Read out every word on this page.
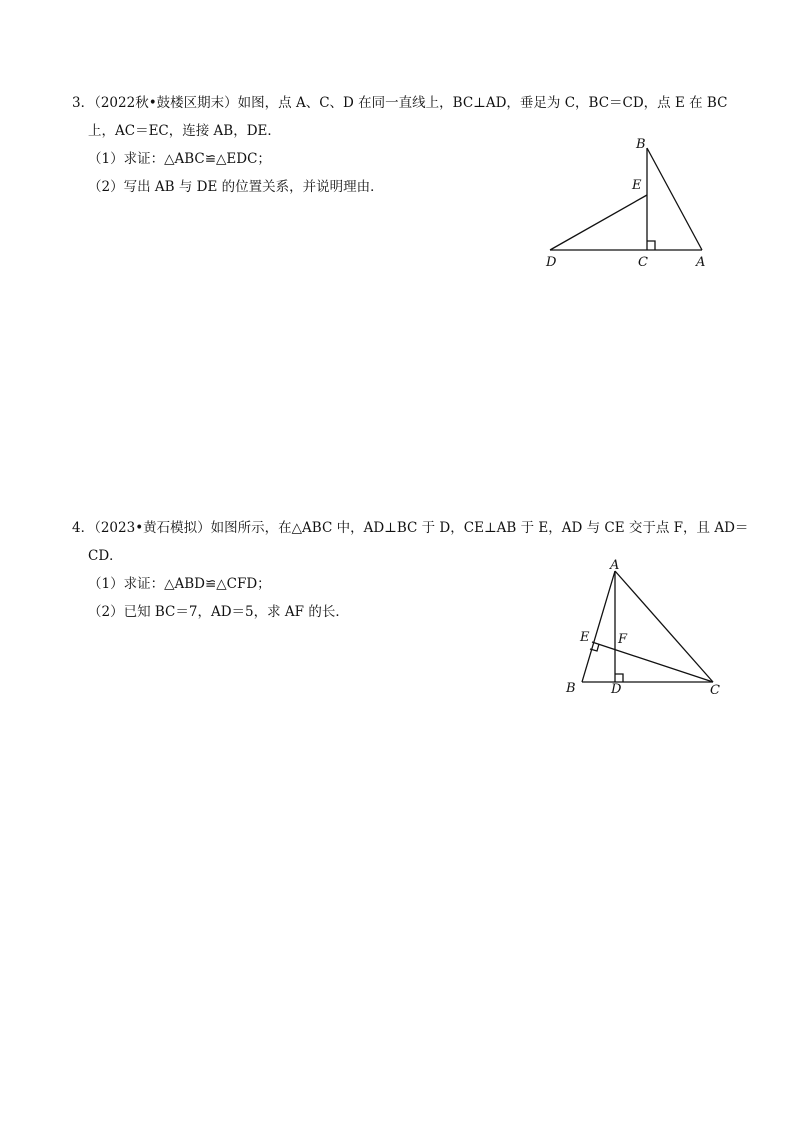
3．（2022秋•鼓楼区期末）如图，点 A、C、D 在同一直线上，BC⊥AD，垂足为 C，BC＝CD，点 E 在 BC
上，AC＝EC，连接 AB，DE．
（1）求证：△ABC≌△EDC；
（2）写出 AB 与 DE 的位置关系，并说明理由．
B
E
D	C	A
4．（2023•黄石模拟）如图所示，在△ABC 中，AD⊥BC 于 D，CE⊥AB 于 E，AD 与 CE 交于点 F，且 AD＝
CD．
（1）求证：△ABD≌△CFD；
（2）已知 BC＝7，AD＝5，求 AF 的长．
A
E F
B	D	C
